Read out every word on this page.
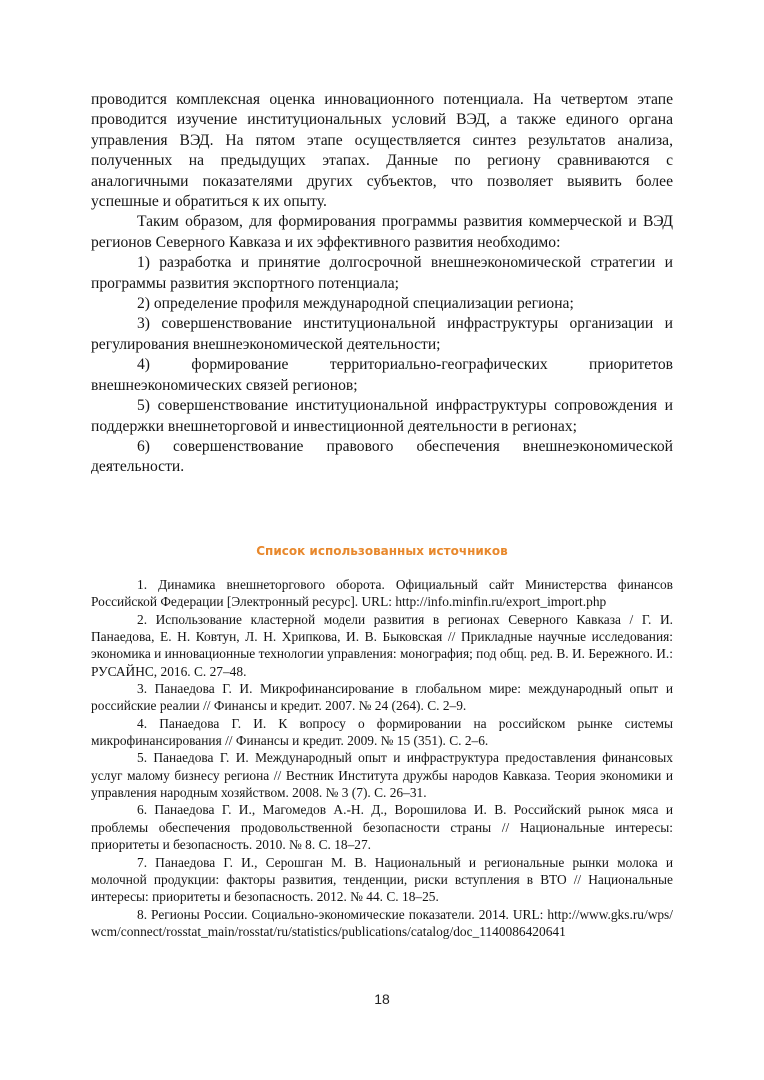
проводится комплексная оценка инновационного потенциала. На четвертом этапе проводится изучение институциональных условий ВЭД, а также единого органа управления ВЭД. На пятом этапе осуществляется синтез результатов анализа, полученных на предыдущих этапах. Данные по региону сравниваются с аналогичными показателями других субъектов, что позволяет выявить более успешные и обратиться к их опыту.

Таким образом, для формирования программы развития коммерческой и ВЭД регионов Северного Кавказа и их эффективного развития необходимо:

1) разработка и принятие долгосрочной внешнеэкономической стратегии и программы развития экспортного потенциала;

2) определение профиля международной специализации региона;

3) совершенствование институциональной инфраструктуры организации и регулирования внешнеэкономической деятельности;

4) формирование территориально-географических приоритетов внешнеэкономических связей регионов;

5) совершенствование институциональной инфраструктуры сопровождения и поддержки внешнеторговой и инвестиционной деятельности в регионах;

6) совершенствование правового обеспечения внешнеэкономической деятельности.

Список использованных источников

1. Динамика внешнеторгового оборота. Официальный сайт Министерства финансов Российской Федерации [Электронный ресурс]. URL: http://info.minfin.ru/export_import.php

2. Использование кластерной модели развития в регионах Северного Кавказа / Г. И. Панаедова, Е. Н. Ковтун, Л. Н. Хрипкова, И. В. Быковская // Прикладные научные исследования: экономика и инновационные технологии управления: монография; под общ. ред. В. И. Бережного. И.: РУСАЙНС, 2016. С. 27–48.

3. Панаедова Г. И. Микрофинансирование в глобальном мире: международный опыт и российские реалии // Финансы и кредит. 2007. № 24 (264). С. 2–9.

4. Панаедова Г. И. К вопросу о формировании на российском рынке системы микрофинансирования // Финансы и кредит. 2009. № 15 (351). С. 2–6.

5. Панаедова Г. И. Международный опыт и инфраструктура предоставления финансовых услуг малому бизнесу региона // Вестник Института дружбы народов Кавказа. Теория экономики и управления народным хозяйством. 2008. № 3 (7). С. 26–31.

6. Панаедова Г. И., Магомедов А.-Н. Д., Ворошилова И. В. Российский рынок мяса и проблемы обеспечения продовольственной безопасности страны // Национальные интересы: приоритеты и безопасность. 2010. № 8. С. 18–27.

7. Панаедова Г. И., Серошган М. В. Национальный и региональные рынки молока и молочной продукции: факторы развития, тенденции, риски вступления в ВТО // Национальные интересы: приоритеты и безопасность. 2012. № 44. С. 18–25.

8. Регионы России. Социально-экономические показатели. 2014. URL: http://www.gks.ru/wps/wcm/connect/rosstat_main/rosstat/ru/statistics/publications/catalog/doc_1140086420641

18
